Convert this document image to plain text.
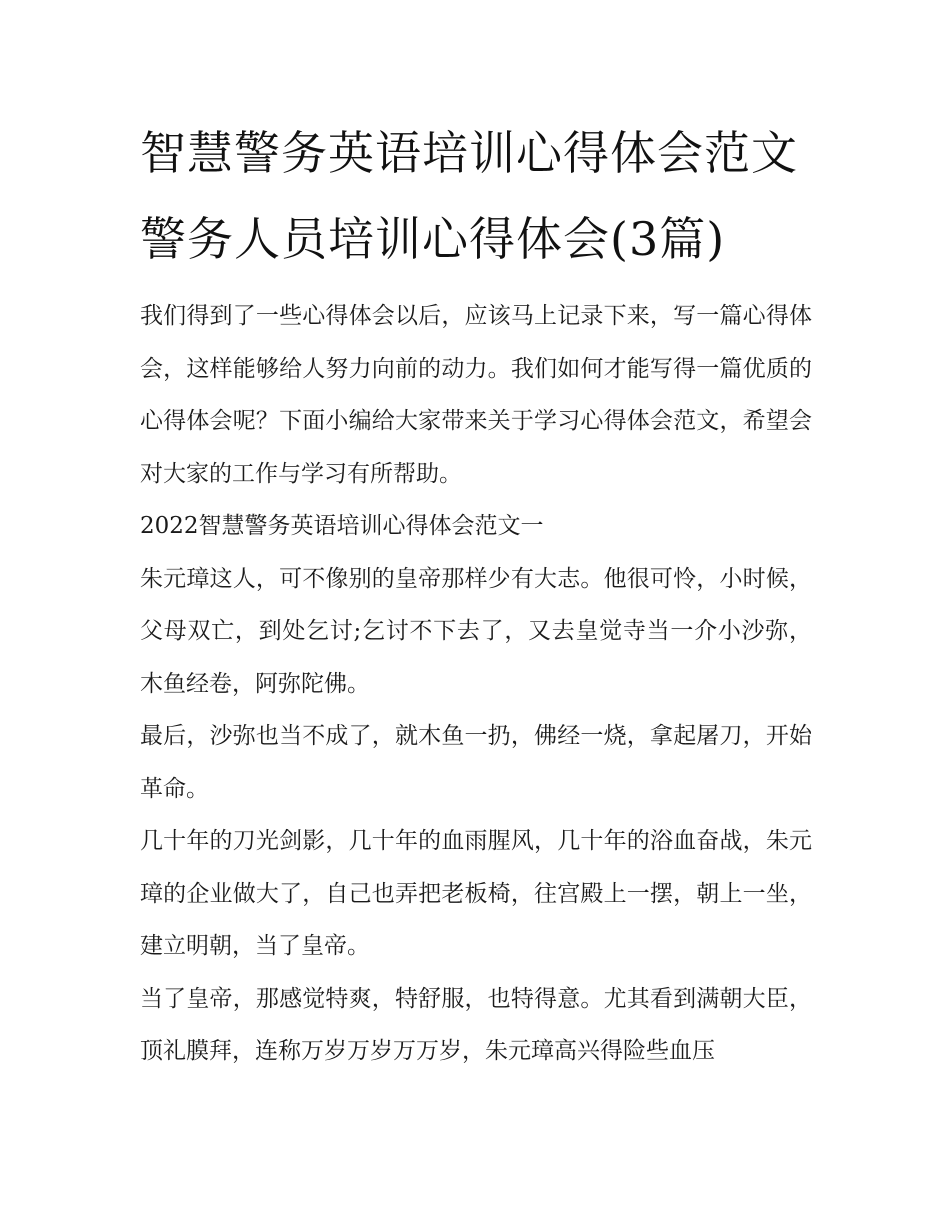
智慧警务英语培训心得体会范文 警务人员培训心得体会(3篇)

我们得到了一些心得体会以后，应该马上记录下来，写一篇心得体会，这样能够给人努力向前的动力。我们如何才能写得一篇优质的心得体会呢？下面小编给大家带来关于学习心得体会范文，希望会对大家的工作与学习有所帮助。

2022智慧警务英语培训心得体会范文一

朱元璋这人，可不像别的皇帝那样少有大志。他很可怜，小时候，父母双亡，到处乞讨;乞讨不下去了，又去皇觉寺当一介小沙弥，木鱼经卷，阿弥陀佛。

最后，沙弥也当不成了，就木鱼一扔，佛经一烧，拿起屠刀，开始革命。

几十年的刀光剑影，几十年的血雨腥风，几十年的浴血奋战，朱元璋的企业做大了，自己也弄把老板椅，往宫殿上一摆，朝上一坐，建立明朝，当了皇帝。

当了皇帝，那感觉特爽，特舒服，也特得意。尤其看到满朝大臣，顶礼膜拜，连称万岁万岁万万岁，朱元璋高兴得险些血压
